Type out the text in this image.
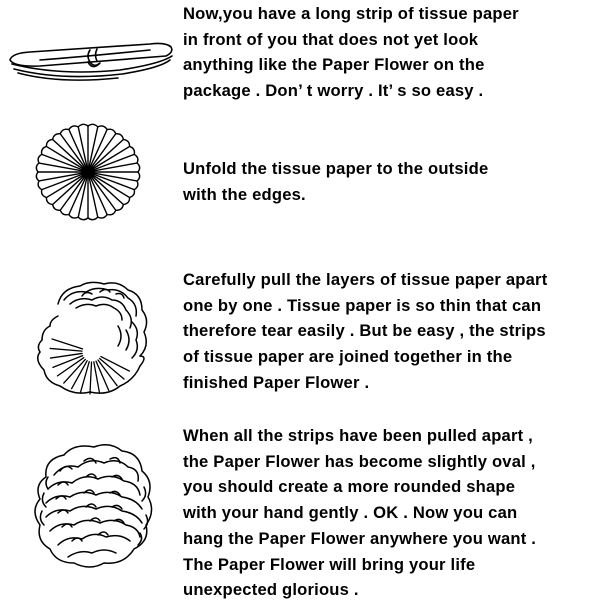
Now,you have a long strip of tissue paper
in front of you that does not yet look
anything like the Paper Flower on the
package . Don’ t worry . It’ s so easy .
Unfold the tissue paper to the outside
with the edges.
Carefully pull the layers of tissue paper apart
one by one . Tissue paper is so thin that can
therefore tear easily . But be easy , the strips
of tissue paper are joined together in the
finished Paper Flower .
When all the strips have been pulled apart ,
the Paper Flower has become slightly oval ,
you should create a more rounded shape
with your hand gently . OK . Now you can
hang the Paper Flower anywhere you want .
The Paper Flower will bring your life
unexpected glorious .
